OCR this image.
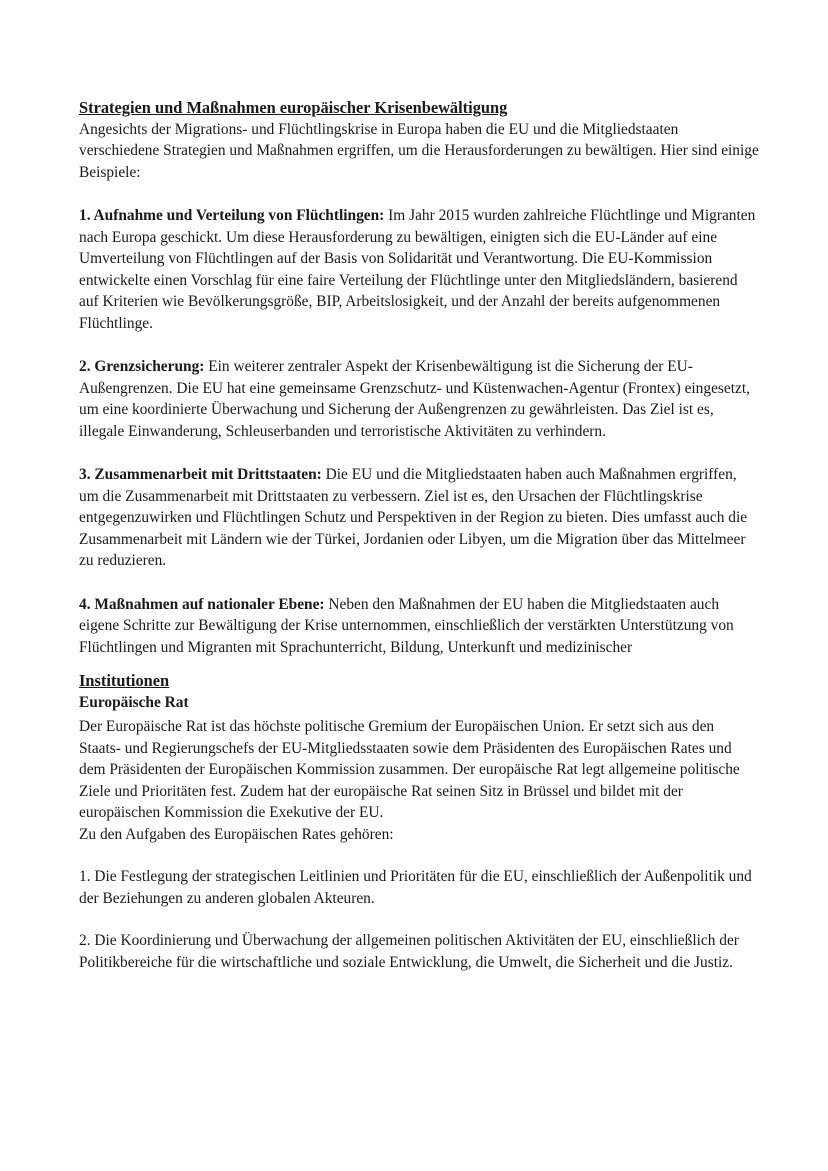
Strategien und Maßnahmen europäischer Krisenbewältigung

Angesichts der Migrations- und Flüchtlingskrise in Europa haben die EU und die Mitgliedstaaten verschiedene Strategien und Maßnahmen ergriffen, um die Herausforderungen zu bewältigen. Hier sind einige Beispiele:

1. Aufnahme und Verteilung von Flüchtlingen: Im Jahr 2015 wurden zahlreiche Flüchtlinge und Migranten nach Europa geschickt. Um diese Herausforderung zu bewältigen, einigten sich die EU-Länder auf eine Umverteilung von Flüchtlingen auf der Basis von Solidarität und Verantwortung. Die EU-Kommission entwickelte einen Vorschlag für eine faire Verteilung der Flüchtlinge unter den Mitgliedsländern, basierend auf Kriterien wie Bevölkerungsgröße, BIP, Arbeitslosigkeit, und der Anzahl der bereits aufgenommenen Flüchtlinge.

2. Grenzsicherung: Ein weiterer zentraler Aspekt der Krisenbewältigung ist die Sicherung der EU-Außengrenzen. Die EU hat eine gemeinsame Grenzschutz- und Küstenwachen-Agentur (Frontex) eingesetzt, um eine koordinierte Überwachung und Sicherung der Außengrenzen zu gewährleisten. Das Ziel ist es, illegale Einwanderung, Schleuserbanden und terroristische Aktivitäten zu verhindern.

3. Zusammenarbeit mit Drittstaaten: Die EU und die Mitgliedstaaten haben auch Maßnahmen ergriffen, um die Zusammenarbeit mit Drittstaaten zu verbessern. Ziel ist es, den Ursachen der Flüchtlingskrise entgegenzuwirken und Flüchtlingen Schutz und Perspektiven in der Region zu bieten. Dies umfasst auch die Zusammenarbeit mit Ländern wie der Türkei, Jordanien oder Libyen, um die Migration über das Mittelmeer zu reduzieren.

4. Maßnahmen auf nationaler Ebene: Neben den Maßnahmen der EU haben die Mitgliedstaaten auch eigene Schritte zur Bewältigung der Krise unternommen, einschließlich der verstärkten Unterstützung von Flüchtlingen und Migranten mit Sprachunterricht, Bildung, Unterkunft und medizinischer

Institutionen

Europäische Rat

Der Europäische Rat ist das höchste politische Gremium der Europäischen Union. Er setzt sich aus den Staats- und Regierungschefs der EU-Mitgliedsstaaten sowie dem Präsidenten des Europäischen Rates und dem Präsidenten der Europäischen Kommission zusammen. Der europäische Rat legt allgemeine politische Ziele und Prioritäten fest. Zudem hat der europäische Rat seinen Sitz in Brüssel und bildet mit der europäischen Kommission die Exekutive der EU.

Zu den Aufgaben des Europäischen Rates gehören:

1. Die Festlegung der strategischen Leitlinien und Prioritäten für die EU, einschließlich der Außenpolitik und der Beziehungen zu anderen globalen Akteuren.

2. Die Koordinierung und Überwachung der allgemeinen politischen Aktivitäten der EU, einschließlich der Politikbereiche für die wirtschaftliche und soziale Entwicklung, die Umwelt, die Sicherheit und die Justiz.
